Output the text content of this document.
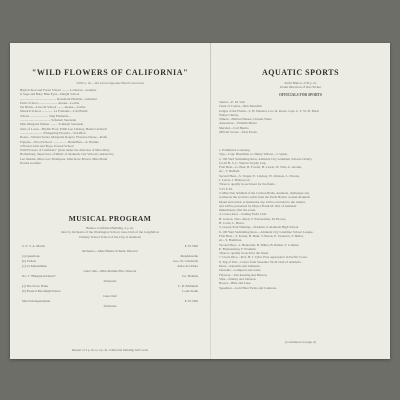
"WILD FLOWERS OF CALIFORNIA"
10:00 a. m.—On Lawn Opposite Band Concourse
High School and Porter School ......... La Reeve—Gentine
ls Sage and Baby Blue Eyes—Haight School
............................................ Rosemont Hermits—Schubert
Pedro School ....................... Awake—Lorthe
ble Brush—Lincoln School ........ Awake—Lorthe
Mastick School .............. La Fontaine—Carl Bohm
School ...................... Sing Elements—
..................................... Schubert Serenade
Miss Margaret Palmer ......... Schubert Serenade
arms of Lowe—Phyllis Frost, Edith Lee Lindsay, Helen Cardwell
........................... Whispering Flowers—Von Blon
Roses—Winant Souza, Margarite Rogers, Florence Dease—Rolfe
Poppies—Wood School .................. Butterflies—A. Bonnie
d Flower Girls and Boys, Everett School
Wild Flowers of California" given under the direction of Miss Mary
Hollerman), Supervisor of Music of Alameda City Schools; assisted by
Lee Jenkins, Miss Lois Thompson, Miss Rose Brown, Miss Maud
Norma Gardner.
MUSICAL PROGRAM
Balboa, California Building, 2 p. m.
ition by Orchestra of the Washington School, Glee Club of the Longfellow
Primary School School of the City of Alameda
S. S. S. A. March	E. H. Hall
Orchestra—Miss Helena Schultz, Director
(a) Questions	Mendelssohn
(b) Violets	Geo. W. Chadwick
(c) La Marseillaise	Alice de Chiara
Glee Club—Miss Matilda Flin, Director
No. 2 "Hungarian Dance"	Jos. Brahms
Orchestra
(a) The Snow Flake	C. R. Edmunds
(b) Funeral Moonlight Dance	Louis Stanh
Glee Club
March Independentia	E. H. Hall
Orchestra
Dessert at 3 p. m. to 4 p. m. California building bell room.
AQUATIC SPORTS
Yacht Harbor, 2:30 p. m.
Under Direction of Otto Eicker
OFFICIALS FOR SPORTS
Starter—E. M. Vail
Clerk of Course—Bob Meredith
Judges of the Finish—T. H. Hendon, Leo. R. Dawe, Capt. L. T. W. H. Hardt
Walter Christy.
Timers—Herbert Hauser, Charles Watts.
Announcer—William Barter.
Marshal—Carl Herms.
Official Scorer—Paul Evans.
1. Exhibition Canoeing
Tips—Capt. Haseldine vs. Henry Wilson—J. Spark.
2. 100 Yard Swimming Race, Alameda City Grammar Schools Liberty
for all H. S. C. Warren Trophy Cup.
First Heat—G. Baer, B. Fowler, H. Lewis, W. Vrill, A. Jerome,
etc., T. Hubbell.
Second Heat—S. Vergez, E. Lindsay, W. Johnson, L. Downs,
J. Lewis, J. Hollywood.
Three to qualify in each heat for the finals.
5:15 P. M.
3. Miss Nan Schmidt of the Carlson Baths, Alameda, challenges any
woman in the world to swim from the Yacht Harbor around Alameda
Island and return. A handsome cup will be awarded to the winner,
and will be presented by Mayor Frank M. Otis of Alameda
immediately after the event.
4. Canoe Race—Sailing Yacht Club.
H. Gaston, Thos. Allen; T. Fairweather, M. Brown,
H. Coast, L. Bruce.
5. Greasy Pole Walking—Students of Alameda High School.
6. 100 Yard Swimming Race—Alameda City Grammar School League.
First Heat—T. Kaiser, B. Hunt, T. Baron, E. Swanson, T. Heller,
etc., S. Hamilton.
Second Heat—J. Hentschel, B. Miller, B. Barker, T. Latimer,
E. Brennamann, F. Franklin.
Three to qualify in each for the finals.
7. Clock Dive—Prof. H. J. Tyler. First appearance in Pacific Coast.
8. Tug of War—Crews from Sausalito Yacht Club of Alameda.
Kites—Sausalito and Alameda.
Sausalito—Lampson and Jones.
Flyaway—Van Kessing and Benson.
Vika—Dudley and Johnson.
Bower—Blitz and Lake.
Speedster—Gold Heat Twins and Cameron.
(Continued on page 4)
